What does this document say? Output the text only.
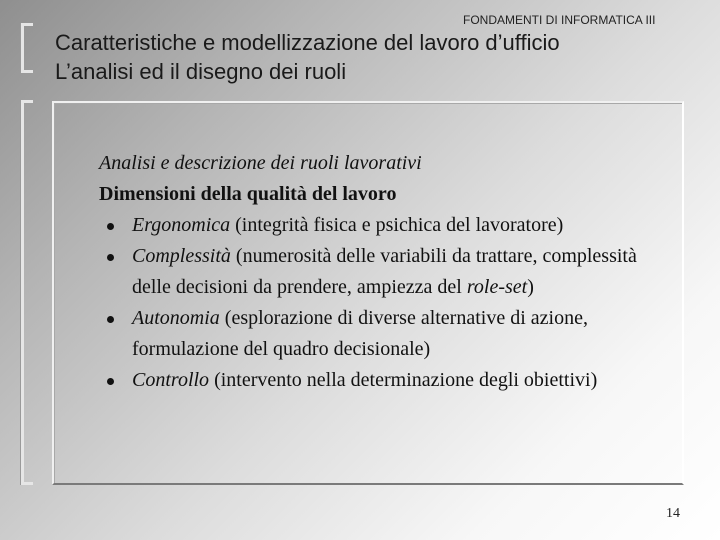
FONDAMENTI DI INFORMATICA III
Caratteristiche e modellizzazione del lavoro d’ufficio
L’analisi ed il disegno dei ruoli
Analisi e descrizione dei ruoli lavorativi
Dimensioni della qualità del lavoro
Ergonomica (integrità fisica e psichica del lavoratore)
Complessità (numerosità delle variabili da trattare, complessità delle decisioni da prendere, ampiezza del role-set)
Autonomia (esplorazione di diverse alternative di azione, formulazione del quadro decisionale)
Controllo (intervento nella determinazione degli obiettivi)
14
